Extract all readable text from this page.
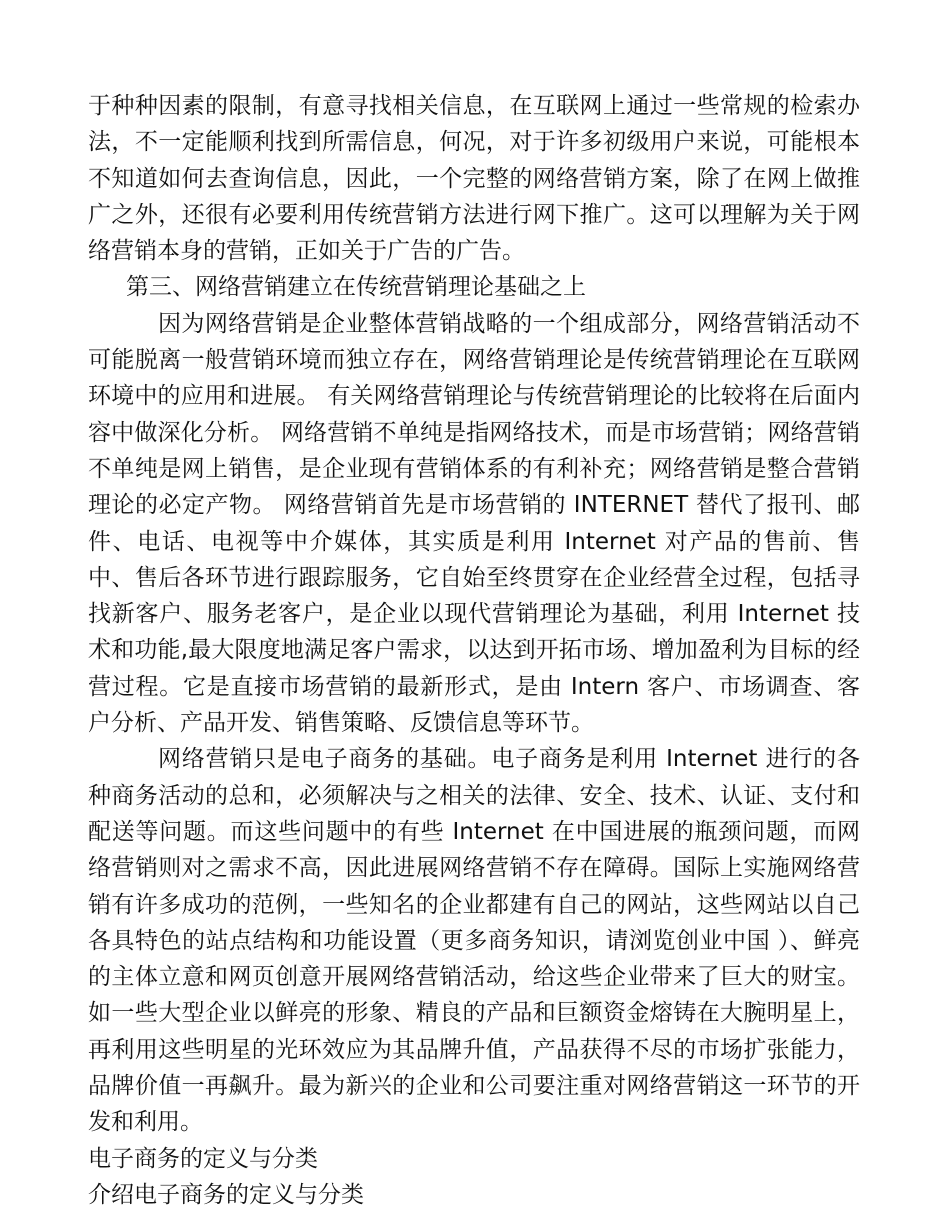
于种种因素的限制，有意寻找相关信息，在互联网上通过一些常规的检索办法，不一定能顺利找到所需信息，何况，对于许多初级用户来说，可能根本不知道如何去查询信息，因此，一个完整的网络营销方案，除了在网上做推广之外，还很有必要利用传统营销方法进行网下推广。这可以理解为关于网络营销本身的营销，正如关于广告的广告。

第三、网络营销建立在传统营销理论基础之上

因为网络营销是企业整体营销战略的一个组成部分，网络营销活动不可能脱离一般营销环境而独立存在，网络营销理论是传统营销理论在互联网环境中的应用和进展。 有关网络营销理论与传统营销理论的比较将在后面内容中做深化分析。 网络营销不单纯是指网络技术，而是市场营销；网络营销不单纯是网上销售，是企业现有营销体系的有利补充；网络营销是整合营销理论的必定产物。 网络营销首先是市场营销的 INTERNET 替代了报刊、邮件、电话、电视等中介媒体，其实质是利用 Internet 对产品的售前、售中、售后各环节进行跟踪服务，它自始至终贯穿在企业经营全过程，包括寻找新客户、服务老客户，是企业以现代营销理论为基础，利用 Internet 技术和功能,最大限度地满足客户需求，以达到开拓市场、增加盈利为目标的经营过程。它是直接市场营销的最新形式，是由 Intern 客户、市场调查、客户分析、产品开发、销售策略、反馈信息等环节。

网络营销只是电子商务的基础。电子商务是利用 Internet 进行的各种商务活动的总和，必须解决与之相关的法律、安全、技术、认证、支付和配送等问题。而这些问题中的有些 Internet 在中国进展的瓶颈问题，而网络营销则对之需求不高，因此进展网络营销不存在障碍。国际上实施网络营销有许多成功的范例，一些知名的企业都建有自己的网站，这些网站以自己各具特色的站点结构和功能设置（更多商务知识，请浏览创业中国 ）、鲜亮的主体立意和网页创意开展网络营销活动，给这些企业带来了巨大的财宝。如一些大型企业以鲜亮的形象、精良的产品和巨额资金熔铸在大腕明星上，再利用这些明星的光环效应为其品牌升值，产品获得不尽的市场扩张能力，品牌价值一再飙升。最为新兴的企业和公司要注重对网络营销这一环节的开发和利用。

电子商务的定义与分类

介绍电子商务的定义与分类
